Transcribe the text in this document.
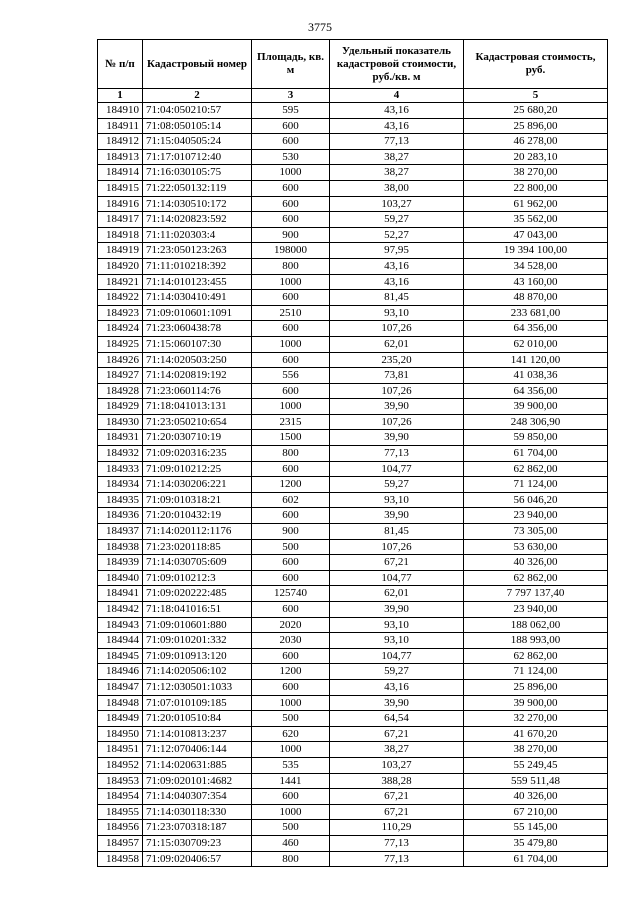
3775
№ п/п	Кадастровый номер	Площадь, кв. м	Удельный показатель кадастровой стоимости, руб./кв. м	Кадастровая стоимость, руб.
1	2	3	4	5
184910	71:04:050210:57	595	43,16	25 680,20
184911	71:08:050105:14	600	43,16	25 896,00
184912	71:15:040505:24	600	77,13	46 278,00
184913	71:17:010712:40	530	38,27	20 283,10
184914	71:16:030105:75	1000	38,27	38 270,00
184915	71:22:050132:119	600	38,00	22 800,00
184916	71:14:030510:172	600	103,27	61 962,00
184917	71:14:020823:592	600	59,27	35 562,00
184918	71:11:020303:4	900	52,27	47 043,00
184919	71:23:050123:263	198000	97,95	19 394 100,00
184920	71:11:010218:392	800	43,16	34 528,00
184921	71:14:010123:455	1000	43,16	43 160,00
184922	71:14:030410:491	600	81,45	48 870,00
184923	71:09:010601:1091	2510	93,10	233 681,00
184924	71:23:060438:78	600	107,26	64 356,00
184925	71:15:060107:30	1000	62,01	62 010,00
184926	71:14:020503:250	600	235,20	141 120,00
184927	71:14:020819:192	556	73,81	41 038,36
184928	71:23:060114:76	600	107,26	64 356,00
184929	71:18:041013:131	1000	39,90	39 900,00
184930	71:23:050210:654	2315	107,26	248 306,90
184931	71:20:030710:19	1500	39,90	59 850,00
184932	71:09:020316:235	800	77,13	61 704,00
184933	71:09:010212:25	600	104,77	62 862,00
184934	71:14:030206:221	1200	59,27	71 124,00
184935	71:09:010318:21	602	93,10	56 046,20
184936	71:20:010432:19	600	39,90	23 940,00
184937	71:14:020112:1176	900	81,45	73 305,00
184938	71:23:020118:85	500	107,26	53 630,00
184939	71:14:030705:609	600	67,21	40 326,00
184940	71:09:010212:3	600	104,77	62 862,00
184941	71:09:020222:485	125740	62,01	7 797 137,40
184942	71:18:041016:51	600	39,90	23 940,00
184943	71:09:010601:880	2020	93,10	188 062,00
184944	71:09:010201:332	2030	93,10	188 993,00
184945	71:09:010913:120	600	104,77	62 862,00
184946	71:14:020506:102	1200	59,27	71 124,00
184947	71:12:030501:1033	600	43,16	25 896,00
184948	71:07:010109:185	1000	39,90	39 900,00
184949	71:20:010510:84	500	64,54	32 270,00
184950	71:14:010813:237	620	67,21	41 670,20
184951	71:12:070406:144	1000	38,27	38 270,00
184952	71:14:020631:885	535	103,27	55 249,45
184953	71:09:020101:4682	1441	388,28	559 511,48
184954	71:14:040307:354	600	67,21	40 326,00
184955	71:14:030118:330	1000	67,21	67 210,00
184956	71:23:070318:187	500	110,29	55 145,00
184957	71:15:030709:23	460	77,13	35 479,80
184958	71:09:020406:57	800	77,13	61 704,00
